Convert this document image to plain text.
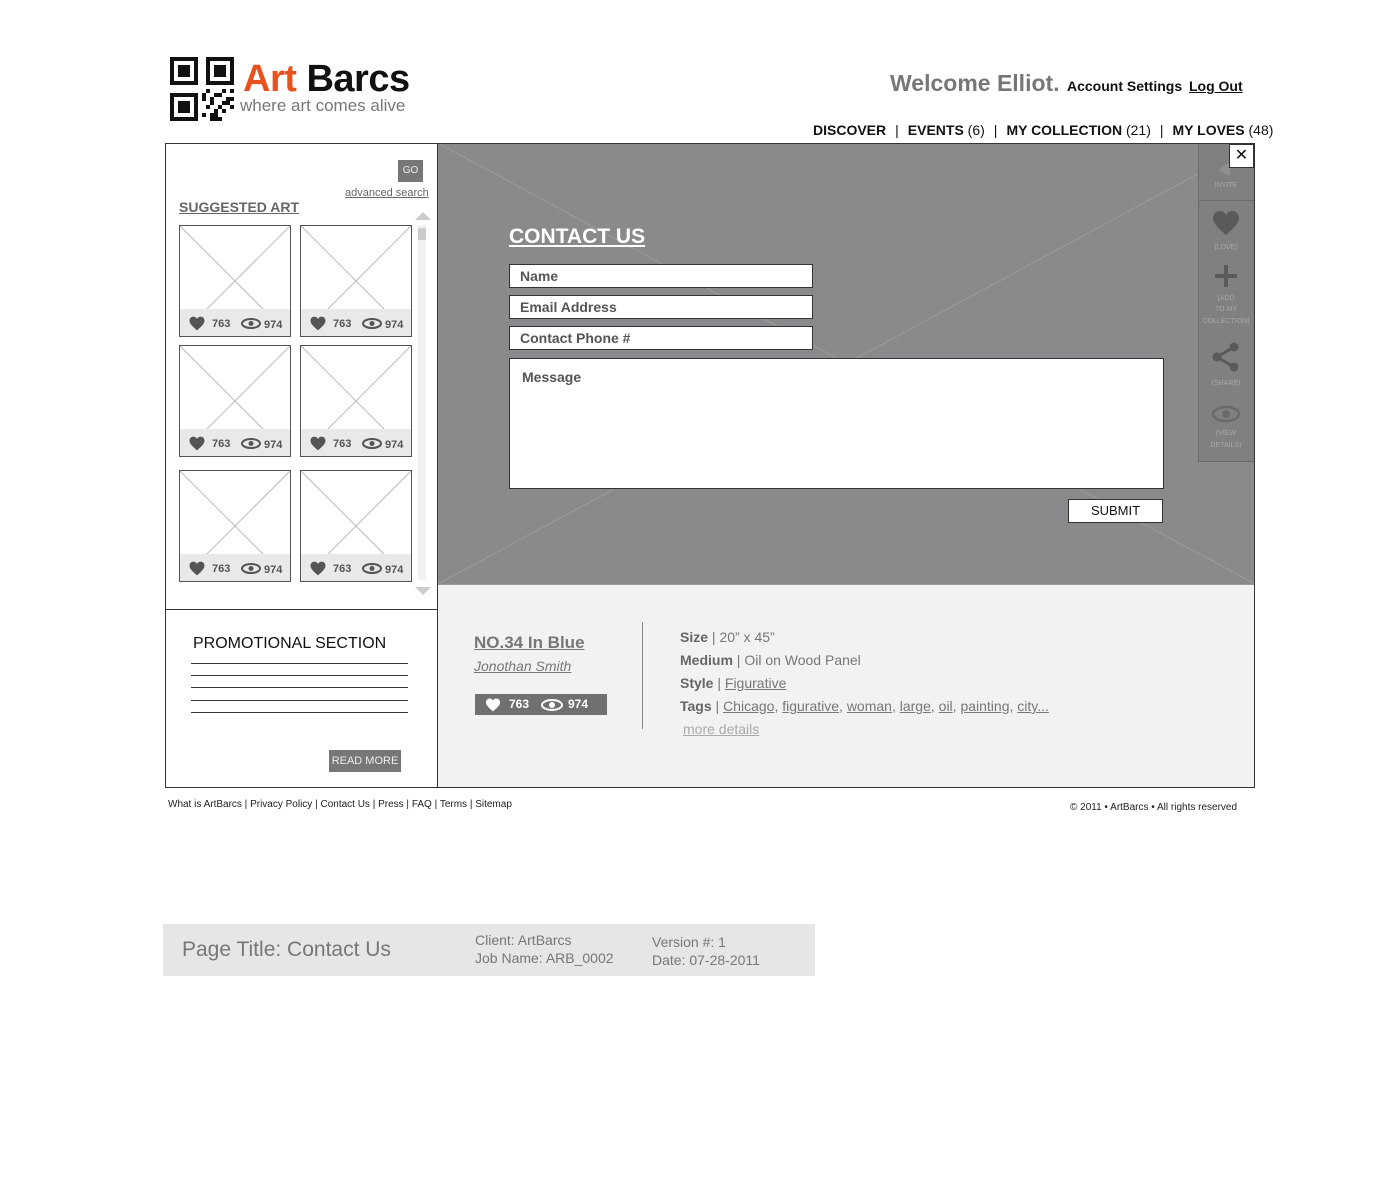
Art Barcs
where art comes alive
Welcome Elliot. Account Settings Log Out
DISCOVER | EVENTS (6) | MY COLLECTION (21) | MY LOVES (48)
CONTACT US
Name
Email Address
Contact Phone #
Message
SUBMIT
INVITE
(LOVE)
(ADD
TO MY
COLLECTION)
(SHARE)
(VIEW
DETAILS)
✕
NO.34 In Blue
Jonothan Smith
763	974
Size | 20” x 45”
Medium | Oil on Wood Panel
Style | Figurative
Tags | Chicago, figurative, woman, large, oil, painting, city...
more details
GO
advanced search
SUGGESTED ART
763	974	763	974
763	974	763	974
763	974	763	974
PROMOTIONAL SECTION
READ MORE
What is ArtBarcs | Privacy Policy | Contact Us | Press | FAQ | Terms | Sitemap	© 2011 • ArtBarcs • All rights reserved
Page Title: Contact Us	Client: ArtBarcs
Job Name: ARB_0002
Version #: 1
Date: 07-28-2011
